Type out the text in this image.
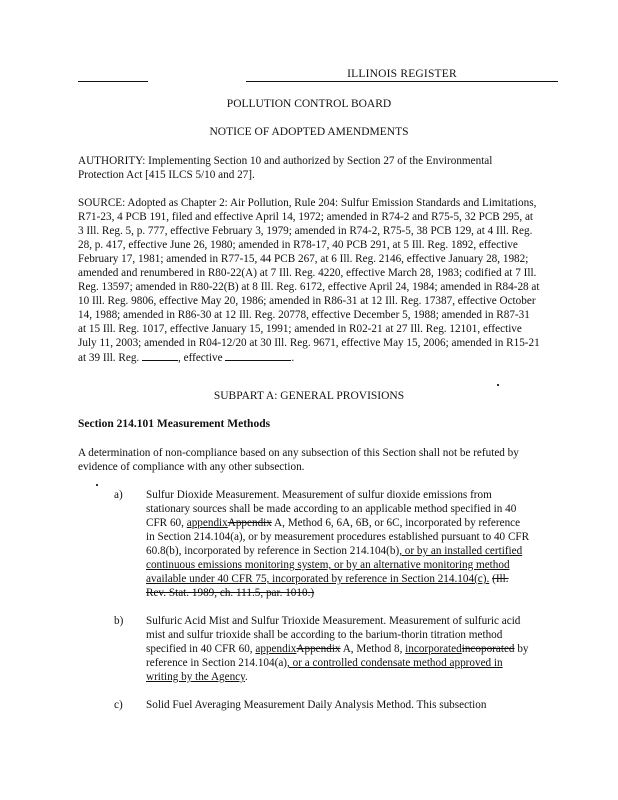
ILLINOIS REGISTER
POLLUTION CONTROL BOARD
NOTICE OF ADOPTED AMENDMENTS

AUTHORITY: Implementing Section 10 and authorized by Section 27 of the Environmental Protection Act [415 ILCS 5/10 and 27].

SOURCE: Adopted as Chapter 2: Air Pollution, Rule 204: Sulfur Emission Standards and Limitations, R71-23, 4 PCB 191, filed and effective April 14, 1972; amended in R74-2 and R75-5, 32 PCB 295, at 3 Ill. Reg. 5, p. 777, effective February 3, 1979; amended in R74-2, R75-5, 38 PCB 129, at 4 Ill. Reg. 28, p. 417, effective June 26, 1980; amended in R78-17, 40 PCB 291, at 5 Ill. Reg. 1892, effective February 17, 1981; amended in R77-15, 44 PCB 267, at 6 Ill. Reg. 2146, effective January 28, 1982; amended and renumbered in R80-22(A) at 7 Ill. Reg. 4220, effective March 28, 1983; codified at 7 Ill. Reg. 13597; amended in R80-22(B) at 8 Ill. Reg. 6172, effective April 24, 1984; amended in R84-28 at 10 Ill. Reg. 9806, effective May 20, 1986; amended in R86-31 at 12 Ill. Reg. 17387, effective October 14, 1988; amended in R86-30 at 12 Ill. Reg. 20778, effective December 5, 1988; amended in R87-31 at 15 Ill. Reg. 1017, effective January 15, 1991; amended in R02-21 at 27 Ill. Reg. 12101, effective July 11, 2003; amended in R04-12/20 at 30 Ill. Reg. 9671, effective May 15, 2006; amended in R15-21 at 39 Ill. Reg.	, effective	.

SUBPART A: GENERAL PROVISIONS
Section 214.101 Measurement Methods

A determination of non-compliance based on any subsection of this Section shall not be refuted by evidence of compliance with any other subsection.

a) Sulfur Dioxide Measurement. Measurement of sulfur dioxide emissions from stationary sources shall be made according to an applicable method specified in 40 CFR 60, appendixAppendix A, Method 6, 6A, 6B, or 6C, incorporated by reference in Section 214.104(a), or by measurement procedures established pursuant to 40 CFR 60.8(b), incorporated by reference in Section 214.104(b), or by an installed certified continuous emissions monitoring system, or by an alternative monitoring method available under 40 CFR 75, incorporated by reference in Section 214.104(c). (Ill. Rev. Stat. 1989, ch. 111.5, par. 1010.)
b) Sulfuric Acid Mist and Sulfur Trioxide Measurement. Measurement of sulfuric acid mist and sulfur trioxide shall be according to the barium-thorin titration method specified in 40 CFR 60, appendixAppendix A, Method 8, incorporatedincoporated by reference in Section 214.104(a), or a controlled condensate method approved in writing by the Agency.
c) Solid Fuel Averaging Measurement Daily Analysis Method. This subsection
